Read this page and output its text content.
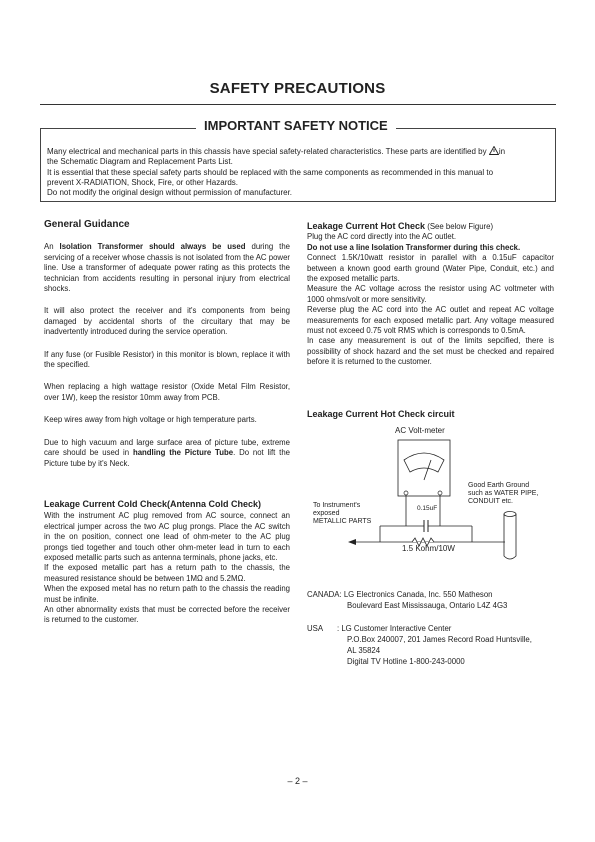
SAFETY PRECAUTIONS
IMPORTANT SAFETY NOTICE
Many electrical and mechanical parts in this chassis have special safety-related characteristics. These parts are identified by in
the Schematic Diagram and Replacement Parts List.
It is essential that these special safety parts should be replaced with the same components as recommended in this manual to
prevent X-RADIATION, Shock, Fire, or other Hazards.
Do not modify the original design without permission of manufacturer.
General Guidance

An Isolation Transformer should always be used during the servicing of a receiver whose chassis is not isolated from the AC power line. Use a transformer of adequate power rating as this protects the technician from accidents resulting in personal injury from electrical shocks.

It will also protect the receiver and it's components from being damaged by accidental shorts of the circuitary that may be inadvertently introduced during the service operation.

If any fuse (or Fusible Resistor) in this monitor is blown, replace it with the specified.

When replacing a high wattage resistor (Oxide Metal Film Resistor, over 1W), keep the resistor 10mm away from PCB.

Keep wires away from high voltage or high temperature parts.

Due to high vacuum and large surface area of picture tube, extreme care should be used in handling the Picture Tube. Do not lift the Picture tube by it's Neck.

Leakage Current Cold Check(Antenna Cold Check)

With the instrument AC plug removed from AC source, connect an electrical jumper across the two AC plug prongs. Place the AC switch in the on position, connect one lead of ohm-meter to the AC plug prongs tied together and touch other ohm-meter lead in turn to each exposed metallic parts such as antenna terminals, phone jacks, etc.

If the exposed metallic part has a return path to the chassis, the measured resistance should be between 1MΩ and 5.2MΩ.

When the exposed metal has no return path to the chassis the reading must be infinite.

An other abnormality exists that must be corrected before the receiver is returned to the customer.

Leakage Current Hot Check (See below Figure)

Plug the AC cord directly into the AC outlet.

Do not use a line Isolation Transformer during this check.

Connect 1.5K/10watt resistor in parallel with a 0.15uF capacitor between a known good earth ground (Water Pipe, Conduit, etc.) and the exposed metallic parts.

Measure the AC voltage across the resistor using AC voltmeter with 1000 ohms/volt or more sensitivity.

Reverse plug the AC cord into the AC outlet and repeat AC voltage measurements for each exposed metallic part. Any voltage measured must not exceed 0.75 volt RMS which is corresponds to 0.5mA.

In case any measurement is out of the limits sepcified, there is possibility of shock hazard and the set must be checked and repaired before it is returned to the customer.

Leakage Current Hot Check circuit
AC Volt-meter
Good Earth Ground
such as WATER PIPE,
CONDUIT etc.
To Instrument's
exposed
METALLIC PARTS
0.15uF
1.5 Kohm/10W
CANADA: LG Electronics Canada, Inc. 550 Matheson
Boulevard East Mississauga, Ontario L4Z 4G3
USA : LG Customer Interactive Center
P.O.Box 240007, 201 James Record Road Huntsville,
AL 35824
Digital TV Hotline 1-800-243-0000
– 2 –
